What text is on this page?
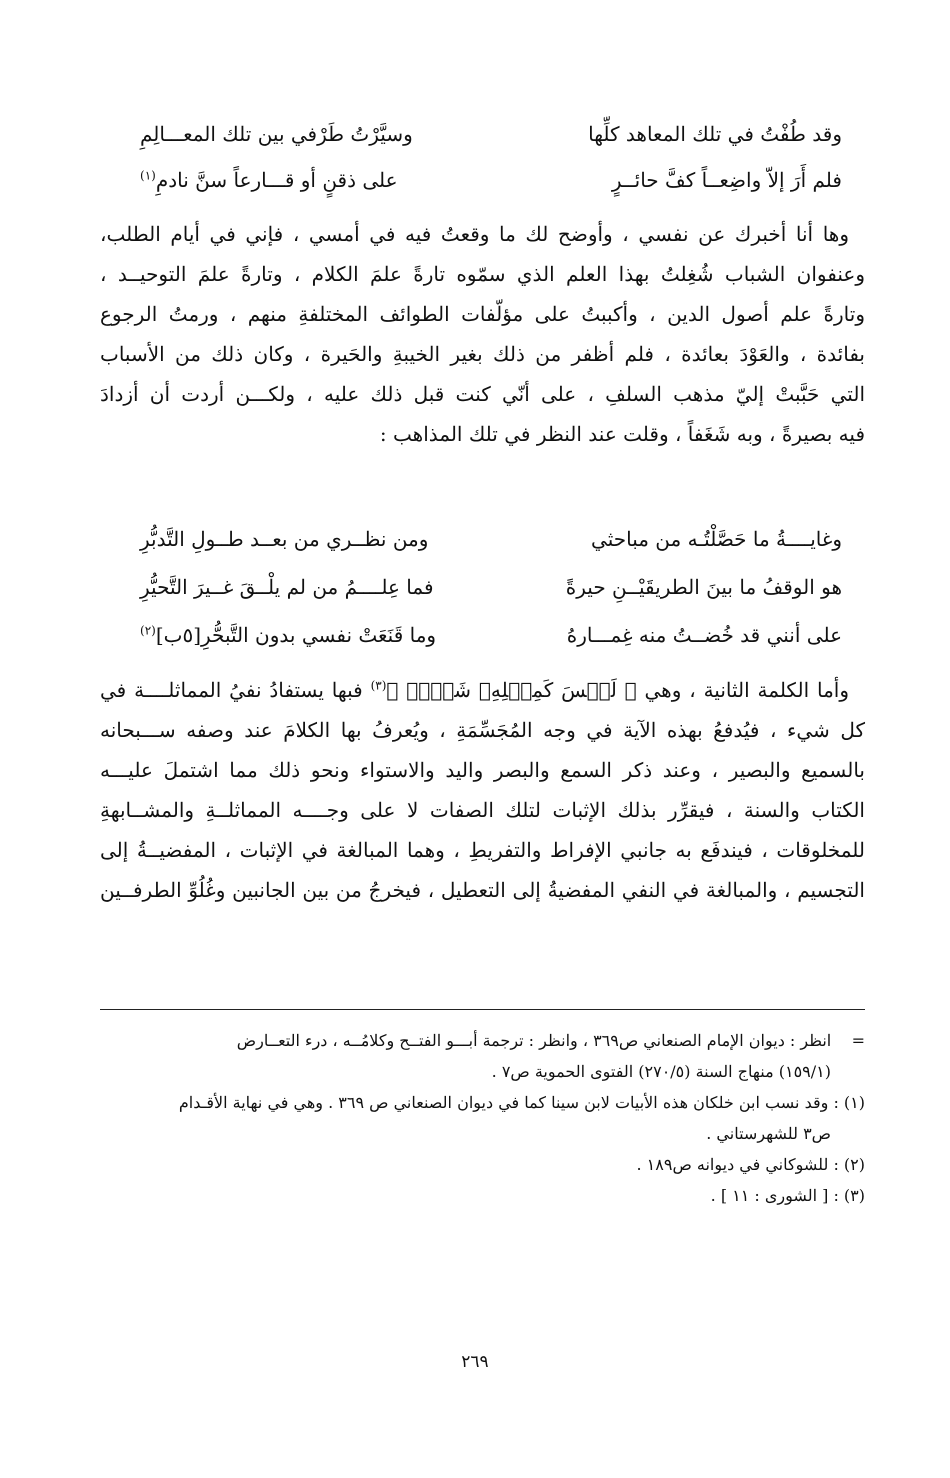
وقد طُفْتُ في تلك المعاهد كلِّها
وسيَّرْتُ طَرْفي بين تلك المعـــالِمِ
فلم أَرَ إلاّ واضِعــاً كفَّ حائــرٍ
على ذقنٍ أو قـــارعاً سنَّ نادمِ$^{(١)}$

وها أنا أخبرك عن نفسي ، وأوضح لك ما وقعتُ فيه في أمسي ، فإني في أيام الطلب،

وعنفوان الشباب شُغِلتُ بهذا العلم الذي سمّوه تارةً علمَ الكلام ، وتارةً علمَ التوحيــد ،

وتارةً علم أصول الدين ، وأكببتُ على مؤلّفات الطوائف المختلفةِ منهم ، ورمتُ الرجوع

بفائدة ، والعَوْدَ بعائدة ، فلم أظفر من ذلك بغير الخيبةِ والحَيرة ، وكان ذلك من الأسباب

التي حَبَّبتْ إليّ مذهب السلفِ ، على أنّي كنت قبل ذلك عليه ، ولكـــن أردت أن أزدادَ

فيه بصيرةً ، وبه شَغَفاً ، وقلت عند النظر في تلك المذاهب :

وغايــــةُ ما حَصَّلْتُـه من مباحثي
ومن نظــري من بعــد طــولِ التَّدبُّرِ
هو الوقفُ ما بينَ الطريقَيْــنِ حيرةً
فما عِلــــمُ من لم يلْــقَ غــيرَ التَّحيُّرِ
على أنني قد خُضــتُ منه غِمـــارهُ
وما قَنَعَتْ نفسي بدون التَّبحُّرِ[٥ب]$^{(٢)}$

وأما الكلمة الثانية ، وهي ﴿ لَيۡسَ كَمِثۡلِهِۦ شَيۡءٞ ﴾$^{(٣)}$ فبها يستفادُ نفيُ المماثلــــة في

كل شيء ، فيُدفعُ بهذه الآية في وجه المُجَسِّمَةِ ، ويُعرفُ بها الكلامَ عند وصفه ســـبحانه

بالسميع والبصير ، وعند ذكر السمع والبصر واليد والاستواء ونحو ذلك مما اشتملَ عليـــه

الكتاب والسنة ، فيقرِّر بذلك الإثبات لتلك الصفات لا على وجــــه المماثلــةِ والمشــابهةِ

للمخلوقات ، فيندفَع به جانبي الإفراط والتفريطِ ، وهما المبالغة في الإثبات ، المفضيــةُ إلى

التجسيم ، والمبالغة في النفي المفضيةُ إلى التعطيل ، فيخرجُ من بين الجانبين وغُلُوِّ الطرفــين

=    انظر : ديوان الإمام الصنعاني ص٣٦٩ ، وانظر : ترجمة أبـــو الفتــح وكلامُــه ، درء التعــارض
(١٥٩/١) منهاج السنة (٢٧٠/٥) الفتوى الحموية ص٧ .

(١) : وقد نسب ابن خلكان هذه الأبيات لابن سينا كما في ديوان الصنعاني ص ٣٦٩ . وهي في نهاية الأقـدام
ص٣ للشهرستاني .

(٢) : للشوكاني في ديوانه ص١٨٩ .

(٣) : [ الشورى : ١١ ] .

٢٦٩
